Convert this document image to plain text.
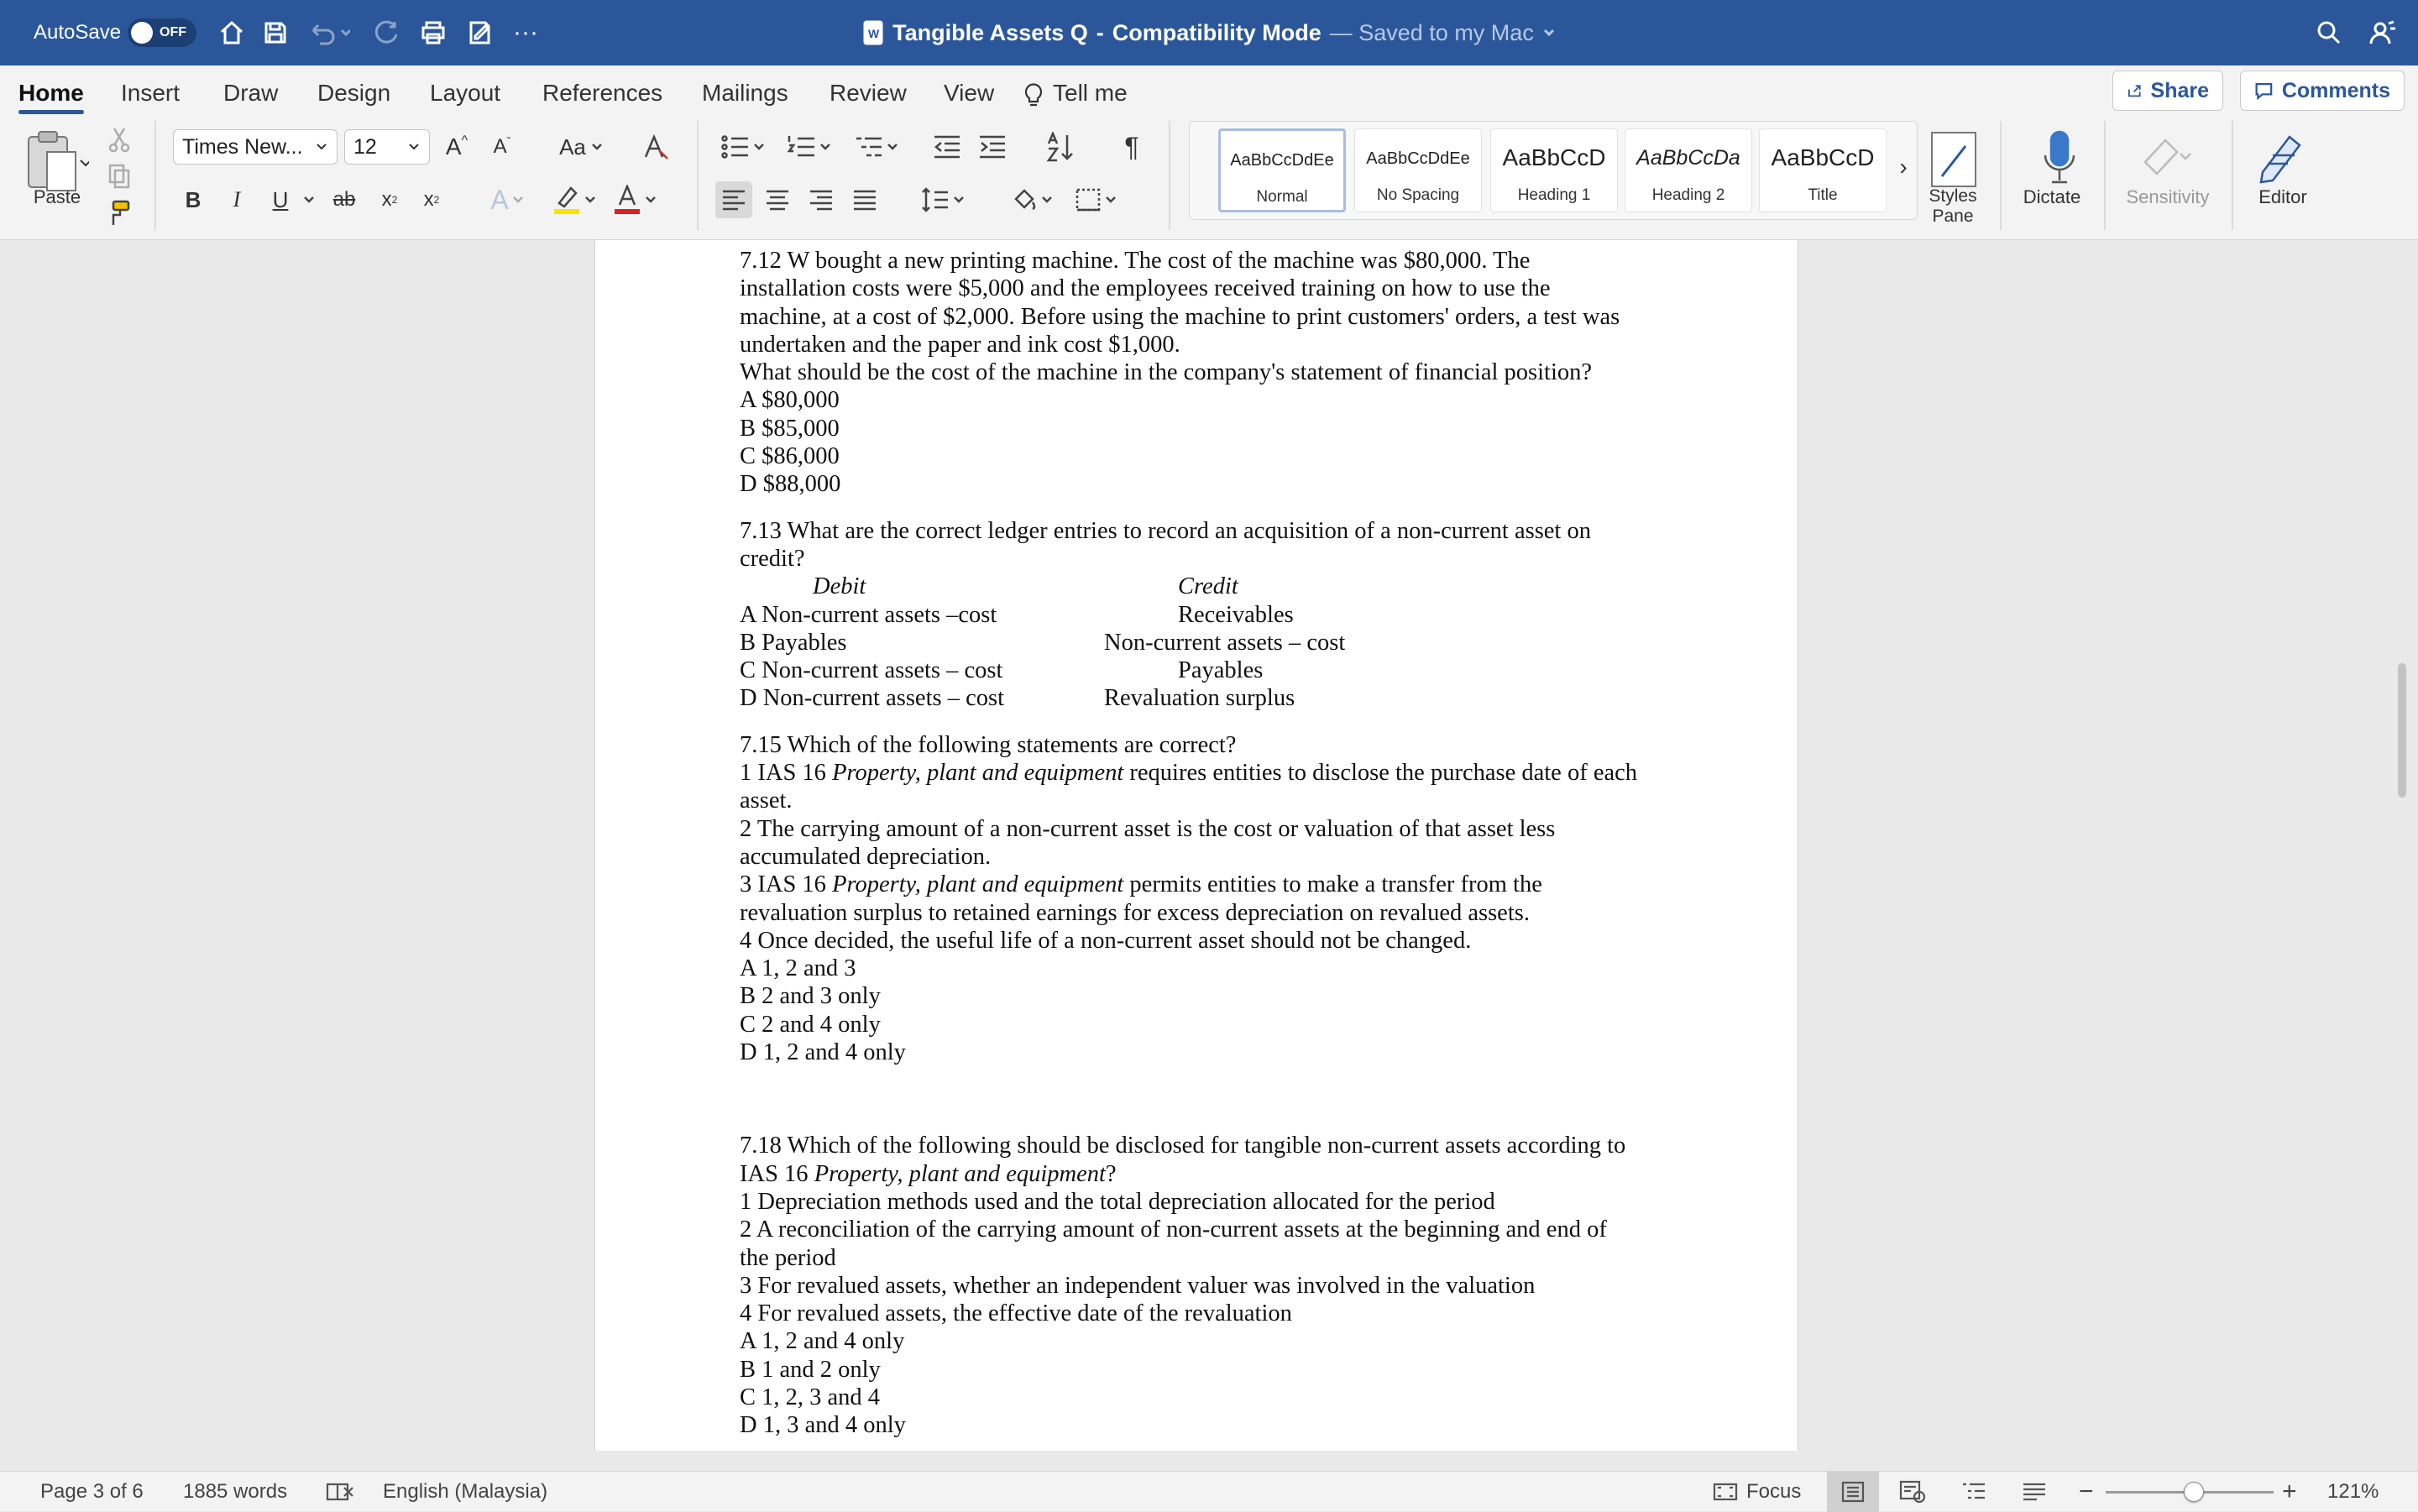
AutoSave	OFF	···	W Tangible Assets Q - Compatibility Mode — Saved to my Mac
Home Insert Draw Design Layout References Mailings Review View Tell me	Share	Comments
Paste
Times New... 12	A ^	A ˇ Aa
B	I	U	ab	x 2 x 2 A
¶	AaBbCcDdEe
Normal
AaBbCcDdEe
No Spacing
AaBbCcD
Heading 1
AaBbCcDa
Heading 2
AaBbCcD
Title
›
Styles Pane
Dictate	Sensitivity	Editor

7.12 W bought a new printing machine. The cost of the machine was $80,000. The

installation costs were $5,000 and the employees received training on how to use the

machine, at a cost of $2,000. Before using the machine to print customers' orders, a test was

undertaken and the paper and ink cost $1,000.

What should be the cost of the machine in the company's statement of financial position?

A $80,000

B $85,000

C $86,000

D $88,000

7.13 What are the correct ledger entries to record an acquisition of a non-current asset on

credit?

Debit	Credit
A Non-current assets –cost	Receivables
B Payables	Non-current assets – cost
C Non-current assets – cost	Payables
D Non-current assets – cost	Revaluation surplus

7.15 Which of the following statements are correct?

1 IAS 16 Property, plant and equipment requires entities to disclose the purchase date of each

asset.

2 The carrying amount of a non-current asset is the cost or valuation of that asset less

accumulated depreciation.

3 IAS 16 Property, plant and equipment permits entities to make a transfer from the

revaluation surplus to retained earnings for excess depreciation on revalued assets.

4 Once decided, the useful life of a non-current asset should not be changed.

A 1, 2 and 3

B 2 and 3 only

C 2 and 4 only

D 1, 2 and 4 only

7.18 Which of the following should be disclosed for tangible non-current assets according to

IAS 16 Property, plant and equipment?

1 Depreciation methods used and the total depreciation allocated for the period

2 A reconciliation of the carrying amount of non-current assets at the beginning and end of

the period

3 For revalued assets, whether an independent valuer was involved in the valuation

4 For revalued assets, the effective date of the revaluation

A 1, 2 and 4 only

B 1 and 2 only

C 1, 2, 3 and 4

D 1, 3 and 4 only

Page 3 of 6 1885 words	English (Malaysia)	Focus	−	+ 121%
